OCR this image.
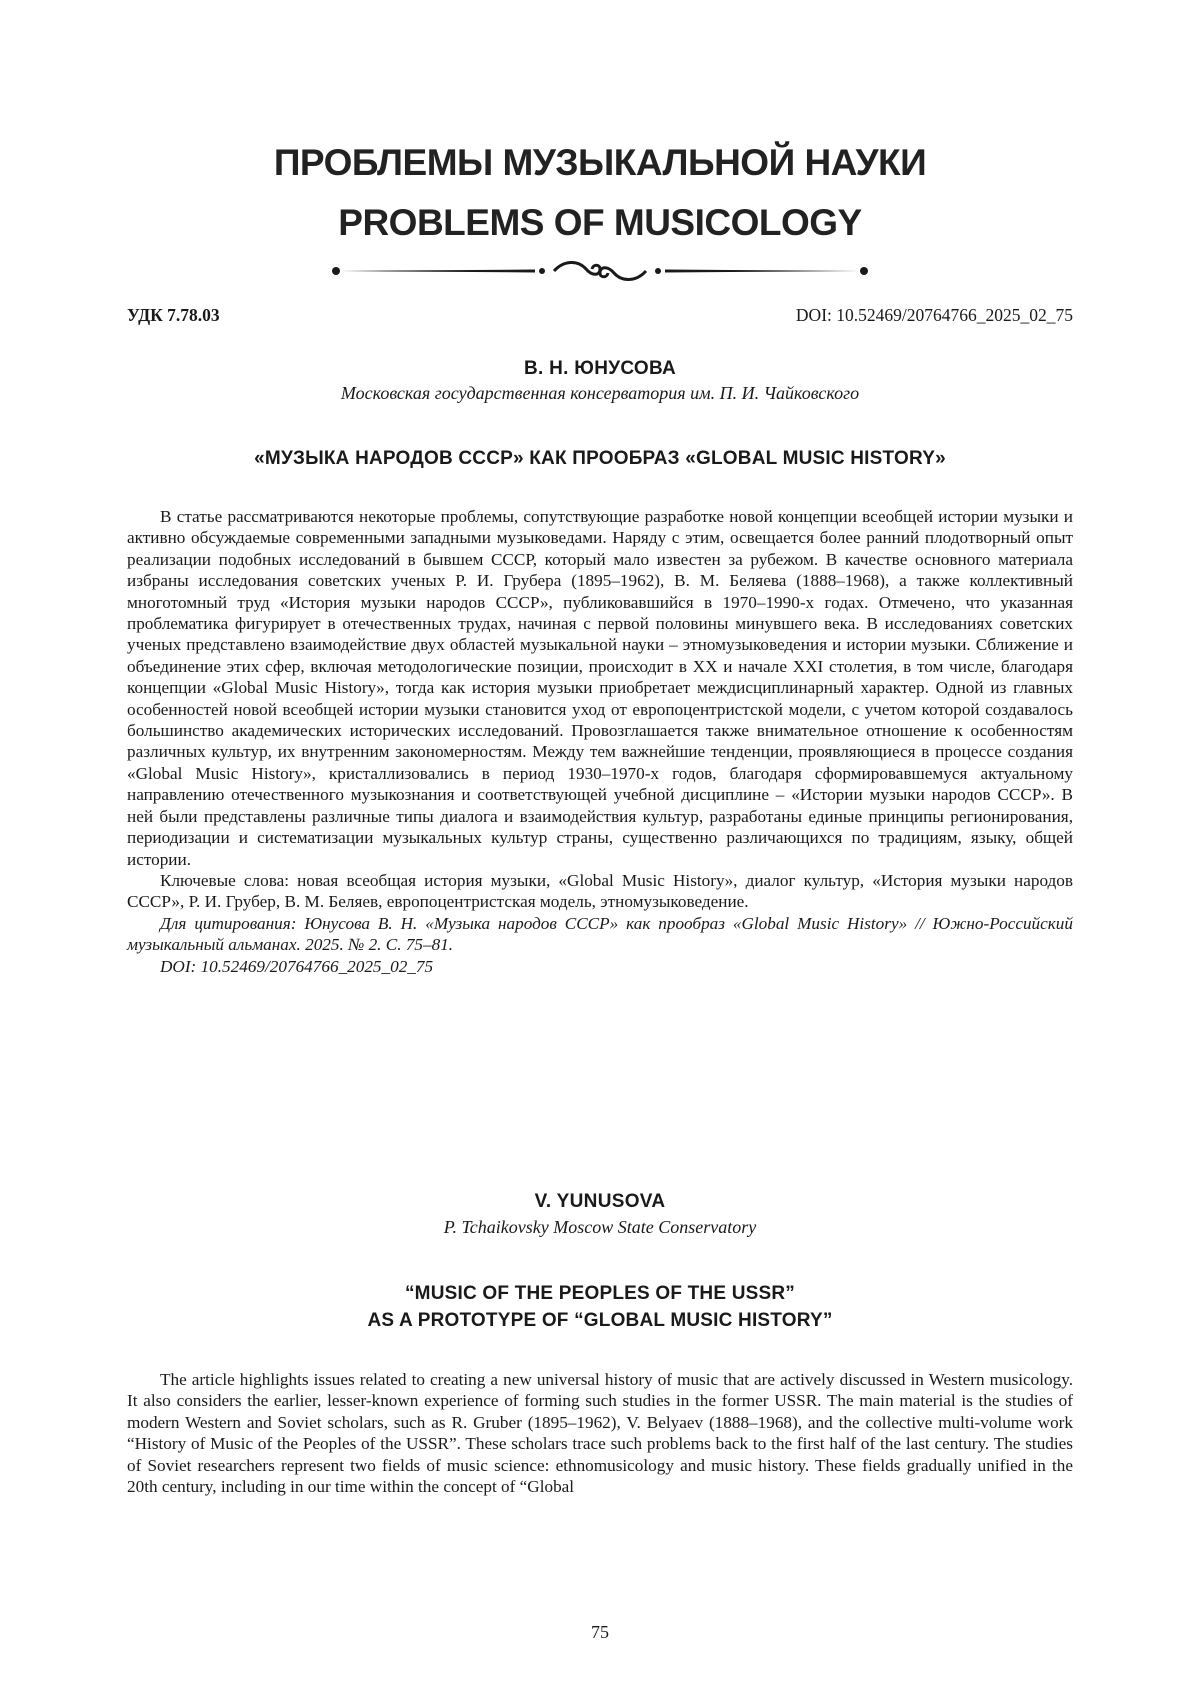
ПРОБЛЕМЫ МУЗЫКАЛЬНОЙ НАУКИ
PROBLEMS OF MUSICOLOGY
УДК 7.78.03	DOI: 10.52469/20764766_2025_02_75
В. Н. ЮНУСОВА
Московская государственная консерватория им. П. И. Чайковского
«МУЗЫКА НАРОДОВ СССР» КАК ПРООБРАЗ «GLOBAL MUSIC HISTORY»

В статье рассматриваются некоторые проблемы, сопутствующие разработке новой концепции всеобщей истории музыки и активно обсуждаемые современными западными музыковедами. Наряду с этим, освещается более ранний плодотворный опыт реализации подобных исследований в бывшем СССР, который мало известен за рубежом. В качестве основного материала избраны исследования советских ученых Р. И. Грубера (1895–1962), В. М. Беляева (1888–1968), а также коллективный многотомный труд «История музыки народов СССР», публиковавшийся в 1970–1990-х годах. Отмечено, что указанная проблематика фигурирует в отечественных трудах, начиная с первой половины минувшего века. В исследованиях советских ученых представлено взаимодействие двух областей музыкальной науки – этномузыковедения и истории музыки. Сближение и объединение этих сфер, включая методологические позиции, происходит в XX и начале XXI столетия, в том числе, благодаря концепции «Global Music History», тогда как история музыки приобретает междисциплинарный характер. Одной из главных особенностей новой всеобщей истории музыки становится уход от европоцентристской модели, с учетом которой создавалось большинство академических исторических исследований. Провозглашается также внимательное отношение к особенностям различных культур, их внутренним закономерностям. Между тем важнейшие тенденции, проявляющиеся в процессе создания «Global Music History», кристаллизовались в период 1930–1970-х годов, благодаря сформировавшемуся актуальному направлению отечественного музыкознания и соответствующей учебной дисциплине – «Истории музыки народов СССР». В ней были представлены различные типы диалога и взаимодействия культур, разработаны единые принципы регионирования, периодизации и систематизации музыкальных культур страны, существенно различающихся по традициям, языку, общей истории.

Ключевые слова: новая всеобщая история музыки, «Global Music History», диалог культур, «История музыки народов СССР», Р. И. Грубер, В. М. Беляев, европоцентристская модель, этномузыковедение.

Для цитирования: Юнусова В. Н. «Музыка народов СССР» как прообраз «Global Music History» // Южно-Российский музыкальный альманах. 2025. № 2. С. 75–81.

DOI: 10.52469/20764766_2025_02_75

V. YUNUSOVA
P. Tchaikovsky Moscow State Conservatory
“MUSIC OF THE PEOPLES OF THE USSR”
AS A PROTOTYPE OF “GLOBAL MUSIC HISTORY”

The article highlights issues related to creating a new universal history of music that are actively discussed in Western musicology. It also considers the earlier, lesser-known experience of forming such studies in the former USSR. The main material is the studies of modern Western and Soviet scholars, such as R. Gruber (1895–1962), V. Belyaev (1888–1968), and the collective multi-volume work “History of Music of the Peoples of the USSR”. These scholars trace such problems back to the first half of the last century. The studies of Soviet researchers represent two fields of music science: ethnomusicology and music history. These fields gradually unified in the 20th century, including in our time within the concept of “Global

75
